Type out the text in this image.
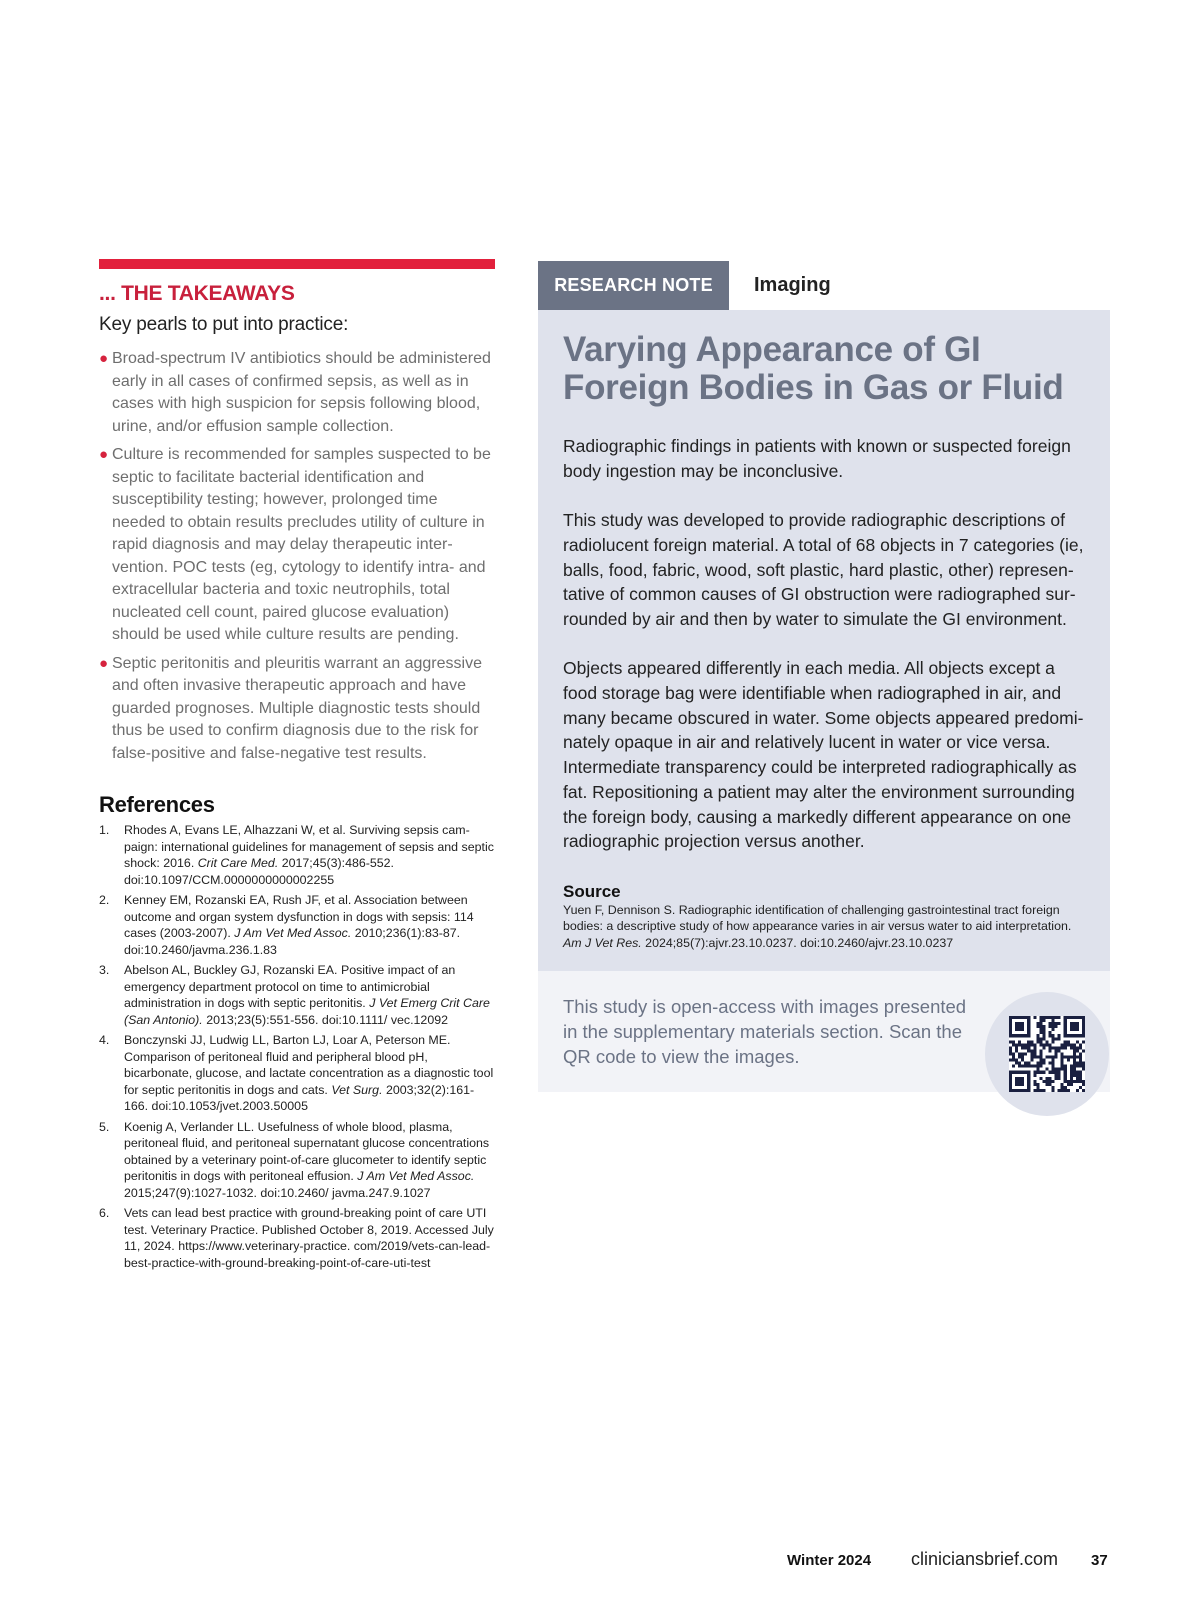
... THE TAKEAWAYS
Key pearls to put into practice:
● Broad-spectrum IV antibiotics should be administered early in all cases of confirmed sepsis, as well as in cases with high suspicion for sepsis following blood, urine, and/or effusion sample collection.
● Culture is recommended for samples suspected to be septic to facilitate bacterial identification and susceptibility testing; however, prolonged time needed to obtain results precludes utility of culture in rapid diagnosis and may delay therapeutic intervention. POC tests (eg, cytology to identify intra- and extracellular bacteria and toxic neutrophils, total nucleated cell count, paired glucose evaluation) should be used while culture results are pending.
● Septic peritonitis and pleuritis warrant an aggressive and often invasive therapeutic approach and have guarded prognoses. Multiple diagnostic tests should thus be used to confirm diagnosis due to the risk for false-positive and false-negative test results.
References
1. Rhodes A, Evans LE, Alhazzani W, et al. Surviving sepsis campaign: international guidelines for management of sepsis and septic shock: 2016. Crit Care Med. 2017;45(3):486-552. doi:10.1097/CCM.0000000000002255
2. Kenney EM, Rozanski EA, Rush JF, et al. Association between outcome and organ system dysfunction in dogs with sepsis: 114 cases (2003-2007). J Am Vet Med Assoc. 2010;236(1):83-87. doi:10.2460/javma.236.1.83
3. Abelson AL, Buckley GJ, Rozanski EA. Positive impact of an emergency department protocol on time to antimicrobial administration in dogs with septic peritonitis. J Vet Emerg Crit Care (San Antonio). 2013;23(5):551-556. doi:10.1111/ vec.12092
4. Bonczynski JJ, Ludwig LL, Barton LJ, Loar A, Peterson ME. Comparison of peritoneal fluid and peripheral blood pH, bicarbonate, glucose, and lactate concentration as a diagnostic tool for septic peritonitis in dogs and cats. Vet Surg. 2003;32(2):161-166. doi:10.1053/jvet.2003.50005
5. Koenig A, Verlander LL. Usefulness of whole blood, plasma, peritoneal fluid, and peritoneal supernatant glucose concentrations obtained by a veterinary point-of-care glucometer to identify septic peritonitis in dogs with peritoneal effusion. J Am Vet Med Assoc. 2015;247(9):1027-1032. doi:10.2460/ javma.247.9.1027
6. Vets can lead best practice with ground-breaking point of care UTI test. Veterinary Practice. Published October 8, 2019. Accessed July 11, 2024. https://www.veterinary-practice. com/2019/vets-can-lead-best-practice-with-ground-breaking-point-of-care-uti-test
RESEARCH NOTE	Imaging
Varying Appearance of GI Foreign Bodies in Gas or Fluid

Radiographic findings in patients with known or suspected foreign body ingestion may be inconclusive.

This study was developed to provide radiographic descriptions of radiolucent foreign material. A total of 68 objects in 7 categories (ie, balls, food, fabric, wood, soft plastic, hard plastic, other) representative of common causes of GI obstruction were radiographed surrounded by air and then by water to simulate the GI environment.

Objects appeared differently in each media. All objects except a food storage bag were identifiable when radiographed in air, and many became obscured in water. Some objects appeared predominately opaque in air and relatively lucent in water or vice versa. Intermediate transparency could be interpreted radiographically as fat. Repositioning a patient may alter the environment surrounding the foreign body, causing a markedly different appearance on one radiographic projection versus another.

Source
Yuen F, Dennison S. Radiographic identification of challenging gastrointestinal tract foreign bodies: a descriptive study of how appearance varies in air versus water to aid interpretation. Am J Vet Res. 2024;85(7):ajvr.23.10.0237. doi:10.2460/ajvr.23.10.0237
This study is open-access with images presented in the supplementary materials section. Scan the QR code to view the images.
Winter 2024 cliniciansbrief.com 37
